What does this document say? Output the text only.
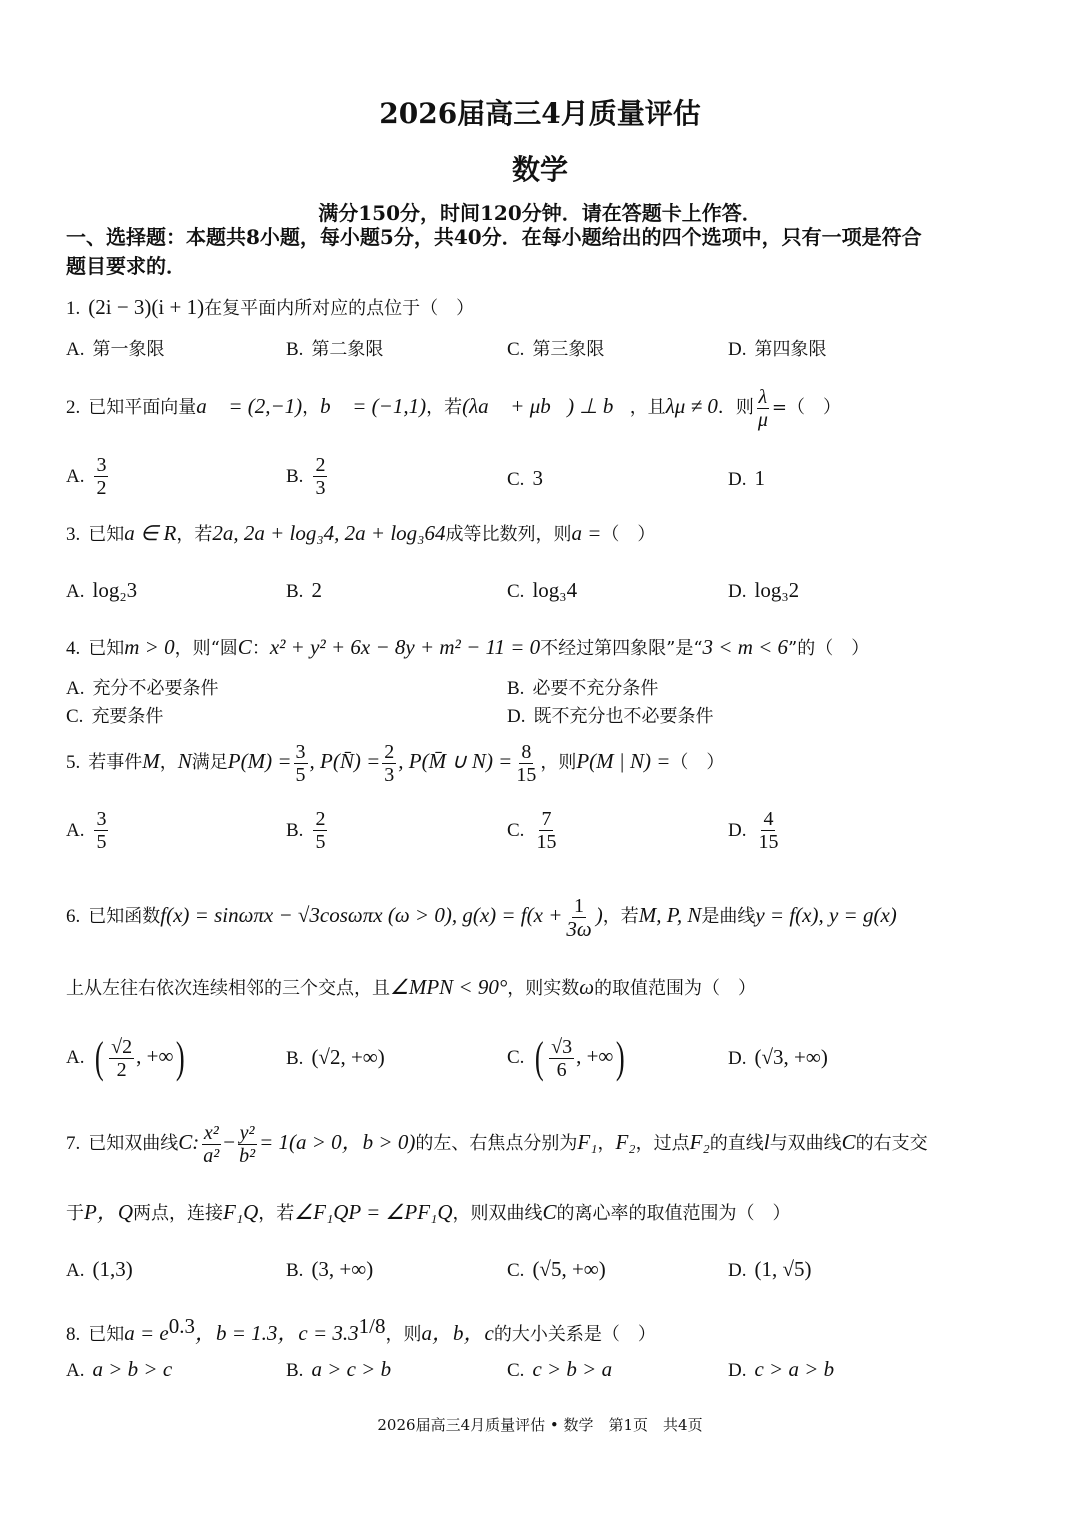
2026届高三4月质量评估
数学
满分150分，时间120分钟．请在答题卡上作答．
一、选择题：本题共8小题，每小题5分，共40分．在每小题给出的四个选项中，只有一项是符合
题目要求的．
1. (2i − 3)(i + 1)在复平面内所对应的点位于（　）
A. 第一象限	B. 第二象限	C. 第三象限	D. 第四象限
2. 已知平面向量a⃗ = (2,−1)，b⃗ = (−1,1)，若(λa⃗ + μb⃗) ⊥ b⃗，且λμ ≠ 0．则 $\frac{\lambda}{\mu}$ =（　）
A. $\frac{3}{2}$	B. $\frac{2}{3}$	C. 3	D. 1
3. 已知a ∈ R，若2a, 2a + log₃4, 2a + log₃64成等比数列，则a =（　）
A. log₂3	B. 2	C. log₃4	D. log₃2
4. 已知m > 0，则“圆C：x² + y² + 6x − 8y + m² − 11 = 0不经过第四象限”是“3 < m < 6”的（　）
A. 充分不必要条件	B. 必要不充分条件
C. 充要条件	D. 既不充分也不必要条件
5. 若事件M，N满足$P(M) = \frac{3}{5}$ , P(N̄) = $\frac{2}{3}$ , P(M̄ ∪ $N) = \frac{8}{15}$ ，则P(M | N) =（　）
A. $\frac{3}{5}$	B. $\frac{2}{5}$	C. $\frac{7}{15}$	D. $\frac{4}{15}$
6. 已知函数f(x) = sinωπx − √3cosωπx (ω > 0), $g(x) = f(x + \frac{1}{3\omega}$ )，若M, P, N是曲线y = f(x), y = g(x)
上从左往右依次连续相邻的三个交点，且∠MPN < 90°，则实数ω的取值范围为（　）
A. ( $\frac{√2}{2}$ , +∞)	B. (√2, +∞)	C. ( $\frac{√3}{6}$ , +∞)	D. (√3, +∞)
7. 已知双曲线C: $\frac{\text{x²}}{\text{a²}} - \frac{\text{y²}}{\text{b²}} = 1(a > 0$，b > 0)的左、右焦点分别为F₁，F₂，过点F₂的直线l与双曲线C的右支交
于P，Q两点，连接F₁Q，若∠F₁QP = ∠PF₁Q，则双曲线C的离心率的取值范围为（　）
A. (1,3)	B. (3, +∞)	C. (√5, +∞)	D. (1, √5)
8. 已知$a = e^{0.3}$，b = 1.3，$c = 3.3^{1/8}$，则a，b，c的大小关系是（　）
A. a > b > c	B. a > c > b	C. c > b > a	D. c > a > b
2026届高三4月质量评估 • 数学　第1页　共4页
